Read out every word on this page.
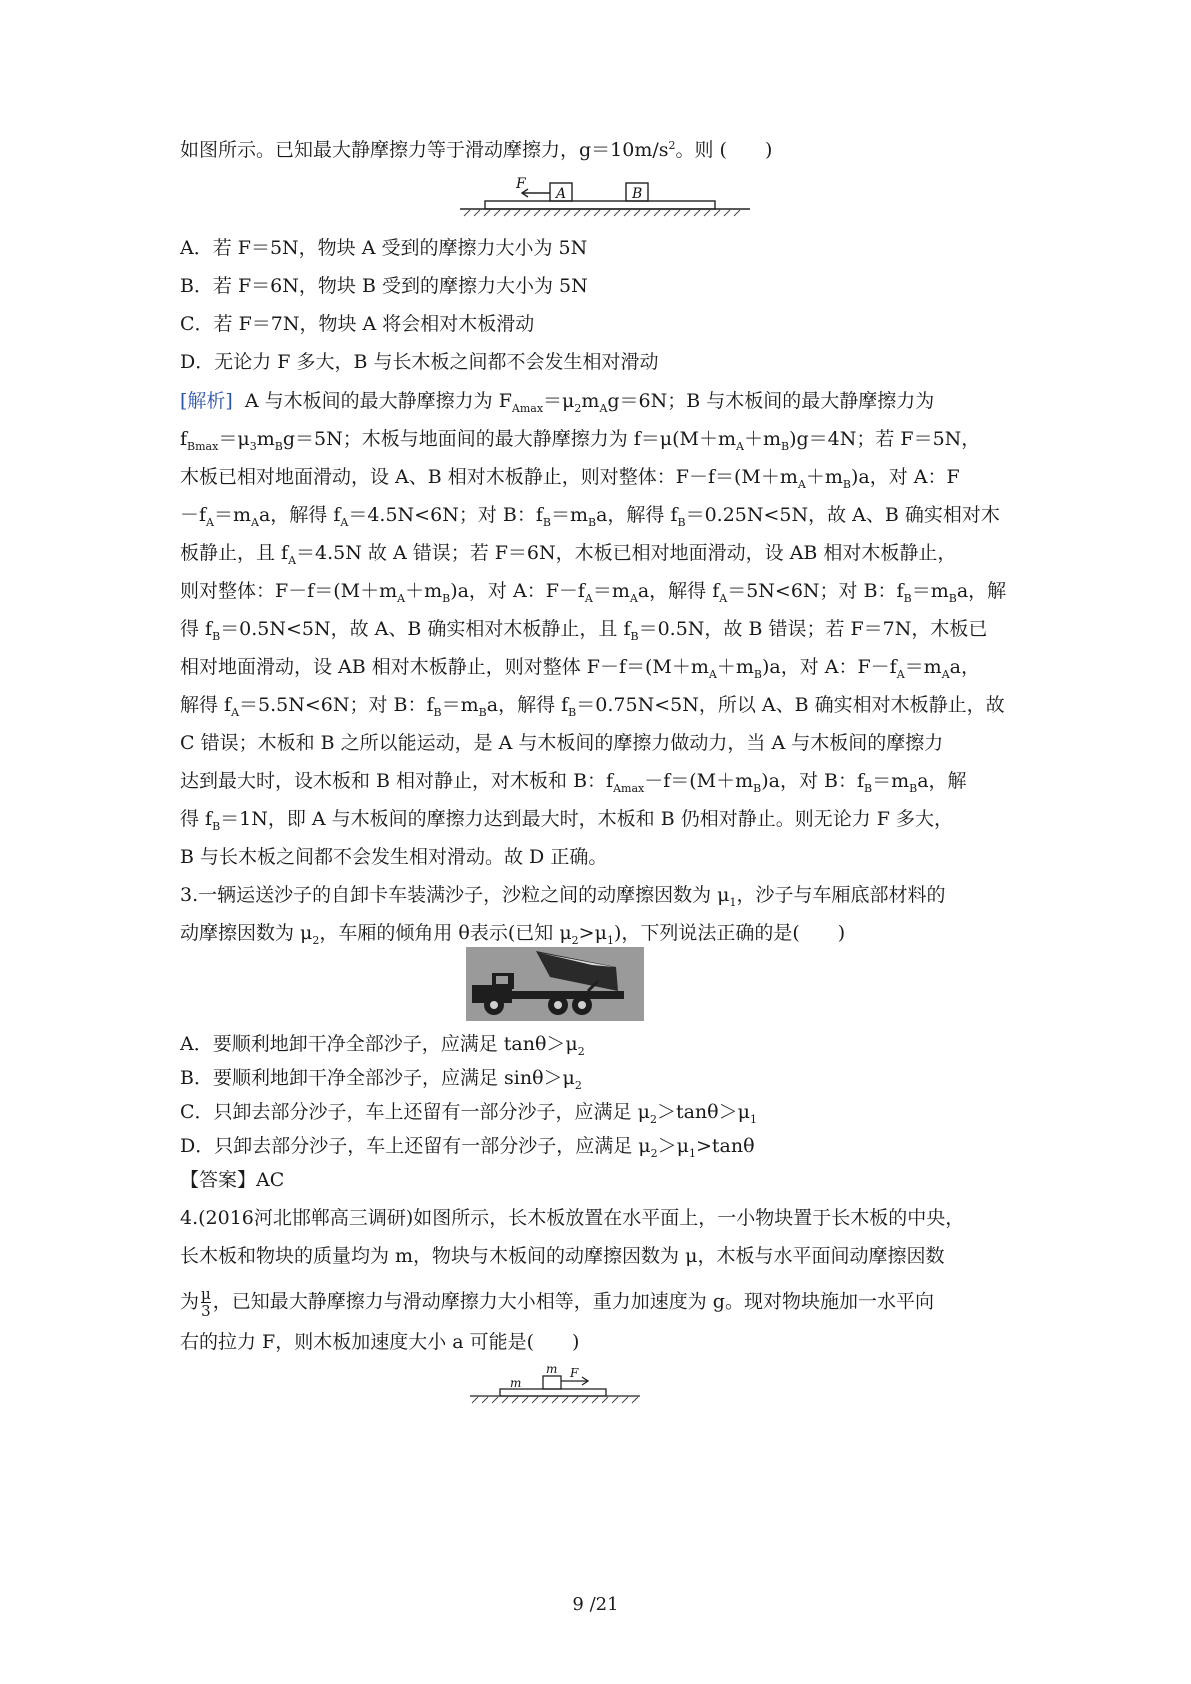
如图所示。已知最大静摩擦力等于滑动摩擦力，$g=10m/s^2$。则 (　　)
F
A	B
A．若 F＝5N，物块 A 受到的摩擦力大小为 5N
B．若 F＝6N，物块 B 受到的摩擦力大小为 5N
C．若 F＝7N，物块 A 将会相对木板滑动
D．无论力 F 多大，B 与长木板之间都不会发生相对滑动
[解析] A 与木板间的最大静摩擦力为 $F_{Amax}=\mu_2m_Ag=6N$；B 与木板间的最大静摩擦力为
$f_{Bmax}=\mu_3m_Bg=5N$；木板与地面间的最大静摩擦力为 $f=\mu(M+m_A+m_B)g=4N$；若 F＝5N，
木板已相对地面滑动，设 A、B 相对木板静止，则对整体：$F-f=(M+m_A+m_B)a$，对 A：F
$-f_A=m_Aa$，解得 $f_A=4.5N<6N$；对 B：$f_B=m_Ba$，解得 $f_B=0.25N<5N$，故 A、B 确实相对木
板静止，且 $f_A=4.5N$ 故 A 错误；若 F＝6N，木板已相对地面滑动，设 AB 相对木板静止，
则对整体：$F-f=(M+m_A+m_B)a$，对 A：$F-f_A=m_Aa$，解得 $f_A=5N<6N$；对 B：$f_B=m_Ba$，解
得 $f_B=0.5N<5N$，故 A、B 确实相对木板静止，且 $f_B=0.5N$，故 B 错误；若 F＝7N，木板已
相对地面滑动，设 AB 相对木板静止，则对整体 $F-f=(M+m_A+m_B)a$，对 A：$F-f_A=m_Aa$，
解得 $f_A=5.5N<6N$；对 B：$f_B=m_Ba$，解得 $f_B=0.75N<5N$，所以 A、B 确实相对木板静止，故
C 错误；木板和 B 之所以能运动，是 A 与木板间的摩擦力做动力，当 A 与木板间的摩擦力
达到最大时，设木板和 B 相对静止，对木板和 B：$f_{Amax}-f=(M+m_B)a$，对 B：$f_B=m_Ba$，解
得 $f_B=1N$，即 A 与木板间的摩擦力达到最大时，木板和 B 仍相对静止。则无论力 F 多大，
B 与长木板之间都不会发生相对滑动。故 D 正确。
3.一辆运送沙子的自卸卡车装满沙子，沙粒之间的动摩擦因数为 $\mu_1$，沙子与车厢底部材料的
动摩擦因数为 $\mu_2$，车厢的倾角用 θ表示(已知 $\mu_2>\mu_1$)，下列说法正确的是(　　)
A．要顺利地卸干净全部沙子，应满足 $\tan\theta>\mu_2$
B．要顺利地卸干净全部沙子，应满足 $\sin\theta>\mu_2$
C．只卸去部分沙子，车上还留有一部分沙子，应满足 $\mu_2>\tan\theta>\mu_1$
D．只卸去部分沙子，车上还留有一部分沙子，应满足 $\mu_2>\mu_1>\tan\theta$
【答案】AC
4.(2016河北邯郸高三调研)如图所示，长木板放置在水平面上，一小物块置于长木板的中央，
长木板和物块的质量均为 m，物块与木板间的动摩擦因数为 μ，木板与水平面间动摩擦因数
为 $\frac{\mu}{3}$ ，已知最大静摩擦力与滑动摩擦力大小相等，重力加速度为 g。现对物块施加一水平向
右的拉力 F，则木板加速度大小 a 可能是(　　)
m
m F
9 /21
